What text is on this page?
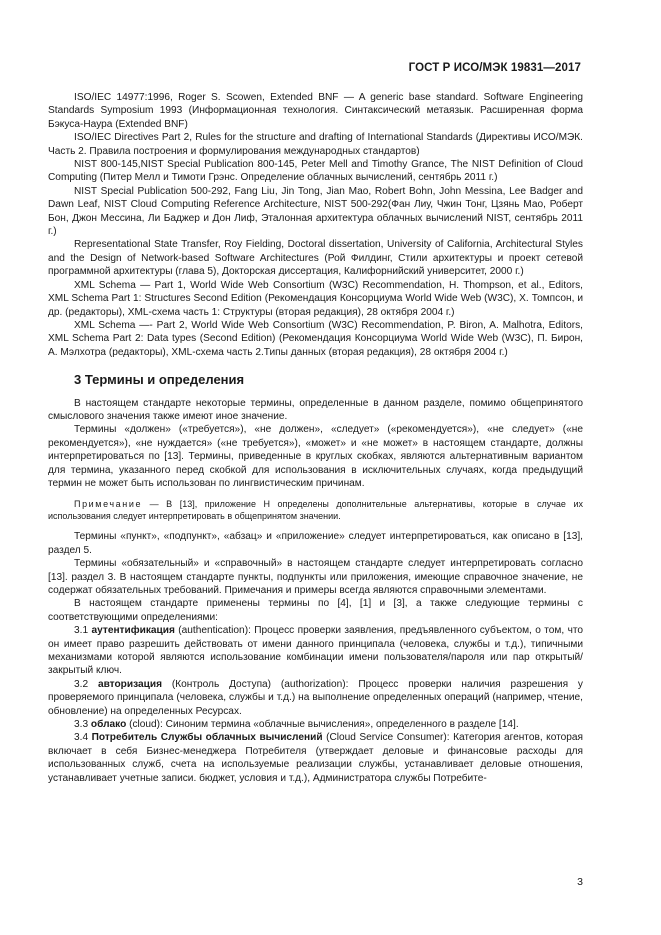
ГОСТ Р ИСО/МЭК 19831—2017

ISO/IEC 14977:1996, Roger S. Scowen, Extended BNF — A generic base standard. Software Engineering Standards Symposium 1993 (Информационная технология. Синтаксический метаязык. Расширенная форма Бэкуса-Наура (Extended BNF)

ISO/IEC Directives Part 2, Rules for the structure and drafting of International Standards (Директивы ИСО/МЭК. Часть 2. Правила построения и формулирования международных стандартов)

NIST 800-145,NIST Special Publication 800-145, Peter Mell and Timothy Grance, The NIST Definition of Cloud Computing (Питер Мелл и Тимоти Грэнс. Определение облачных вычислений, сентябрь 2011 г.)

NIST Special Publication 500-292, Fang Liu, Jin Tong, Jian Mao, Robert Bohn, John Messina, Lee Badger and Dawn Leaf, NIST Cloud Computing Reference Architecture, NIST 500-292(Фан Лиу, Чжин Тонг, Цзянь Мао, Роберт Бон, Джон Мессина, Ли Баджер и Дон Лиф, Эталонная архитектура облачных вычислений NIST, сентябрь 2011 г.)

Representational State Transfer, Roy Fielding, Doctoral dissertation, University of California, Architectural Styles and the Design of Network-based Software Architectures (Рой Филдинг, Стили архитектуры и проект сетевой программной архитектуры (глава 5), Докторская диссертация, Калифорнийский университет, 2000 г.)

XML Schema — Part 1, World Wide Web Consortium (W3C) Recommendation, H. Thompson, et al., Editors, XML Schema Part 1: Structures Second Edition (Рекомендация Консорциума World Wide Web (W3C), X. Томпсон, и др. (редакторы), XML-схема часть 1: Структуры (вторая редакция), 28 октября 2004 г.)

XML Schema —- Part 2, World Wide Web Consortium (W3C) Recommendation, P. Biron, A. Malhotra, Editors, XML Schema Part 2: Data types (Second Edition) (Рекомендация Консорциума World Wide Web (W3C), П. Бирон, А. Мэлхотра (редакторы), XML-схема часть 2.Типы данных (вторая редакция), 28 октября 2004 г.)

3 Термины и определения

В настоящем стандарте некоторые термины, определенные в данном разделе, помимо общепринятого смыслового значения также имеют иное значение.

Термины «должен» («требуется»), «не должен», «следует» («рекомендуется»), «не следует» («не рекомендуется»), «не нуждается» («не требуется»), «может» и «не может» в настоящем стандарте, должны интерпретироваться по [13]. Термины, приведенные в круглых скобках, являются альтернативным вариантом для термина, указанного перед скобкой для использования в исключительных случаях, когда предыдущий термин не может быть использован по лингвистическим причинам.

Примечание — В [13], приложение Н определены дополнительные альтернативы, которые в случае их использования следует интерпретировать в общепринятом значении.

Термины «пункт», «подпункт», «абзац» и «приложение» следует интерпретироваться, как описано в [13], раздел 5.

Термины «обязательный» и «справочный» в настоящем стандарте следует интерпретировать согласно [13]. раздел 3. В настоящем стандарте пункты, подпункты или приложения, имеющие справочное значение, не содержат обязательных требований. Примечания и примеры всегда являются справочными элементами.

В настоящем стандарте применены термины по [4], [1] и [3], а также следующие термины с соответствующими определениями:

3.1 аутентификация (authentication): Процесс проверки заявления, предъявленного субъектом, о том, что он имеет право разрешить действовать от имени данного принципала (человека, службы и т.д.), типичными механизмами которой являются использование комбинации имени пользователя/пароля или пар открытый/закрытый ключ.

3.2 авторизация (Контроль Доступа) (authorization): Процесс проверки наличия разрешения у проверяемого принципала (человека, службы и т.д.) на выполнение определенных операций (например, чтение, обновление) на определенных Ресурсах.

3.3 облако (cloud): Синоним термина «облачные вычисления», определенного в разделе [14].

3.4 Потребитель Службы облачных вычислений (Cloud Service Consumer): Категория агентов, которая включает в себя Бизнес-менеджера Потребителя (утверждает деловые и финансовые расходы для использованных служб, счета на используемые реализации службы, устанавливает деловые отношения, устанавливает учетные записи. бюджет, условия и т.д.), Администратора службы Потребите-

3
